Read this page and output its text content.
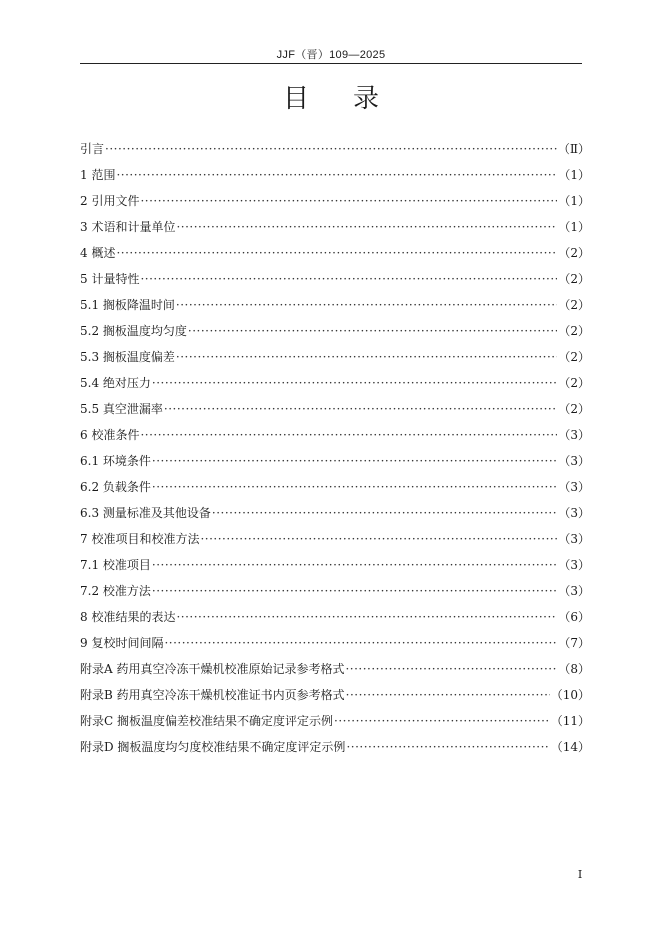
JJF（晋）109—2025
目录
引言 ·····	（Ⅱ）
1 范围 ·····	（1）
2 引用文件 ·····	（1）
3 术语和计量单位 ·····	（1）
4 概述 ·····	（2）
5 计量特性 ·····	（2）
5.1 搁板降温时间 ·····	（2）
5.2 搁板温度均匀度 ·····	（2）
5.3 搁板温度偏差 ·····	（2）
5.4 绝对压力 ·····	（2）
5.5 真空泄漏率 ·····	（2）
6 校准条件 ·····	（3）
6.1 环境条件 ·····	（3）
6.2 负载条件 ·····	（3）
6.3 测量标准及其他设备 ·····	（3）
7 校准项目和校准方法 ·····	（3）
7.1 校准项目 ·····	（3）
7.2 校准方法 ·····	（3）
8 校准结果的表达 ·····	（6）
9 复校时间间隔 ·····	（7）
附录A 药用真空冷冻干燥机校准原始记录参考格式 ·····	（8）
附录B 药用真空冷冻干燥机校准证书内页参考格式 ·····	（10）
附录C 搁板温度偏差校准结果不确定度评定示例 ·····	（11）
附录D 搁板温度均匀度校准结果不确定度评定示例 ·····	（14）
Ⅰ
